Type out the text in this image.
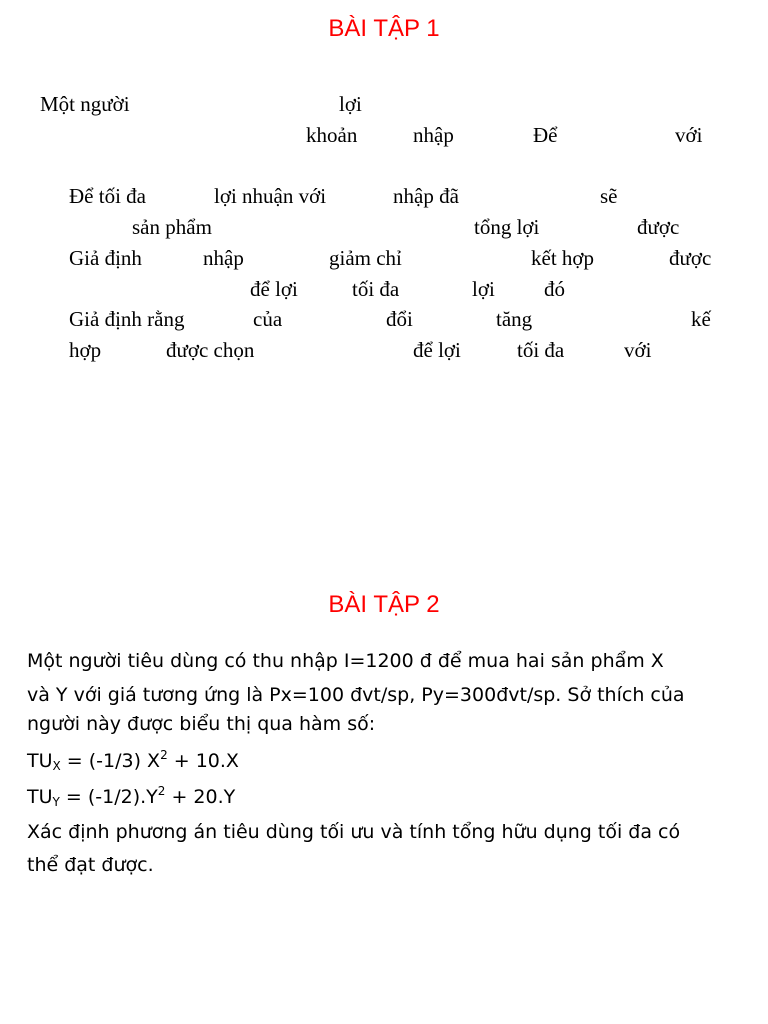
BÀI TẬP 1
Một người	lợi
khoản	nhập	Để	với
Để tối đa	lợi nhuận với	nhập đã	sẽ
sản phẩm	tổng lợi	được
Giả định	nhập	giảm chỉ	kết hợp	được
để lợi	tối đa	lợi đó
Giả định rằng	của	đổi	tăng	kế
hợp	được chọn	để lợi	tối đa	với
BÀI TẬP 2

Một người tiêu dùng có thu nhập I=1200 đ để mua hai sản phẩm X

và Y với giá tương ứng là Px=100 đvt/sp, Py=300đvt/sp. Sở thích của

người này được biểu thị qua hàm số:

$TU_X = (-1/3) X^2 + 10.X$

$TU_Y = (-1/2).Y^2 + 20.Y$

Xác định phương án tiêu dùng tối ưu và tính tổng hữu dụng tối đa có

thể đạt được.
